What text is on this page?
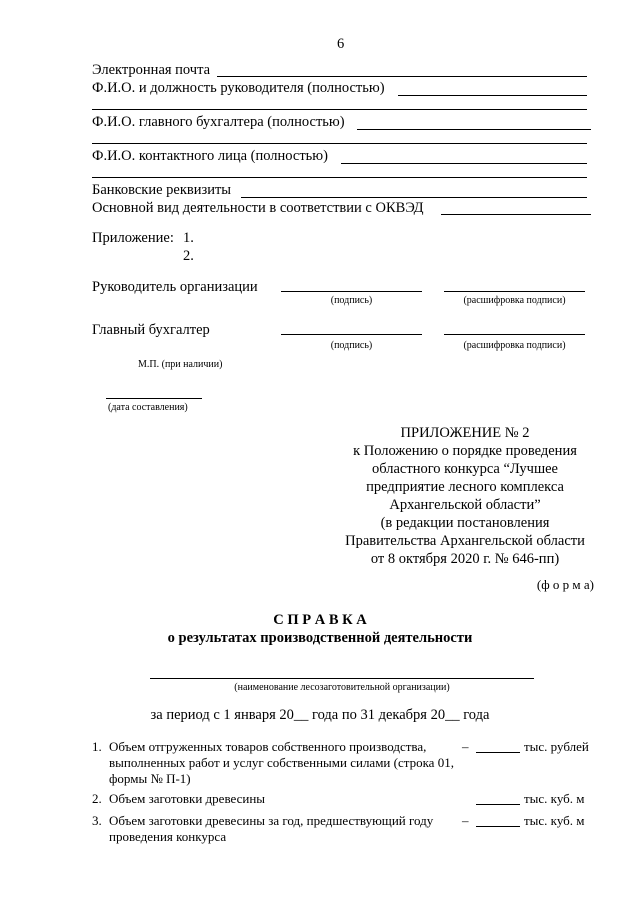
6
Электронная почта
Ф.И.О. и должность руководителя (полностью)
Ф.И.О. главного бухгалтера (полностью)
Ф.И.О. контактного лица (полностью)
Банковские реквизиты
Основной вид деятельности в соответствии с ОКВЭД
Приложение: 1.
2.
Руководитель организации
(подпись)	(расшифровка подписи)
Главный бухгалтер
(подпись)	(расшифровка подписи)
М.П. (при наличии)
(дата составления)
ПРИЛОЖЕНИЕ № 2
к Положению о порядке проведения
областного конкурса “Лучшее
предприятие лесного комплекса
Архангельской области”
(в редакции постановления
Правительства Архангельской области
от 8 октября 2020 г. № 646-пп)
(ф о р м а)
С П Р А В К А
о результатах производственной деятельности
(наименование лесозаготовительной организации)
за период с 1 января 20__ года по 31 декабря 20__ года
1. Объем отгруженных товаров собственного производства,
выполненных работ и услуг собственными силами (строка 01,
формы № П-1)
–	тыс. рублей
2. Объем заготовки древесины	тыс. куб. м
3. Объем заготовки древесины за год, предшествующий году
проведения конкурса
–	тыс. куб. м
